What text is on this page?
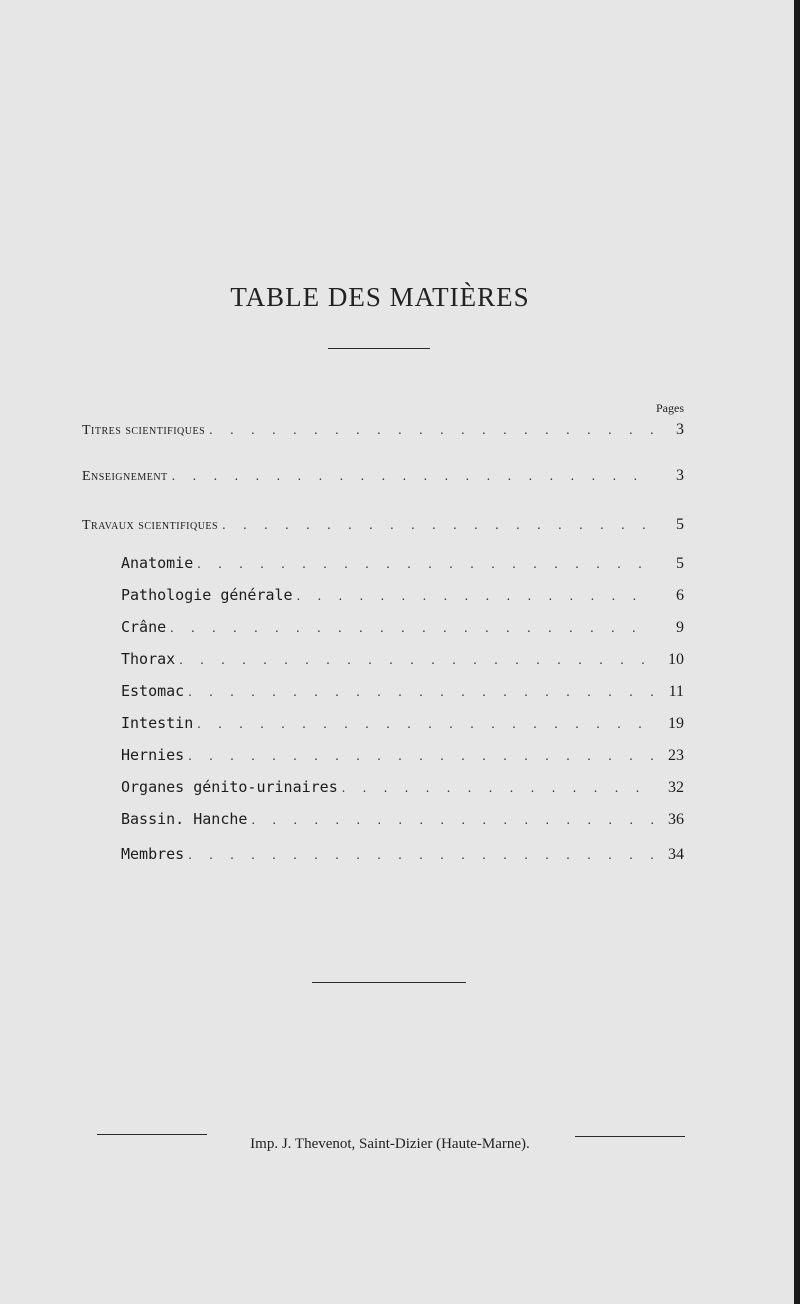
TABLE DES MATIÈRES
Pages
Titres scientifiques . . .	3
Enseignement . . .	3
Travaux scientifiques . . .	5
Anatomie . . .	5
Pathologie générale . . .	6
Crâne . . .	9
Thorax . . .	10
Estomac . . .	11
Intestin . . .	19
Hernies . . .	23
Organes génito-urinaires . . .	32
Bassin. Hanche . . .	36
Membres . . .	34
Imp. J. Thevenot, Saint-Dizier (Haute-Marne).
